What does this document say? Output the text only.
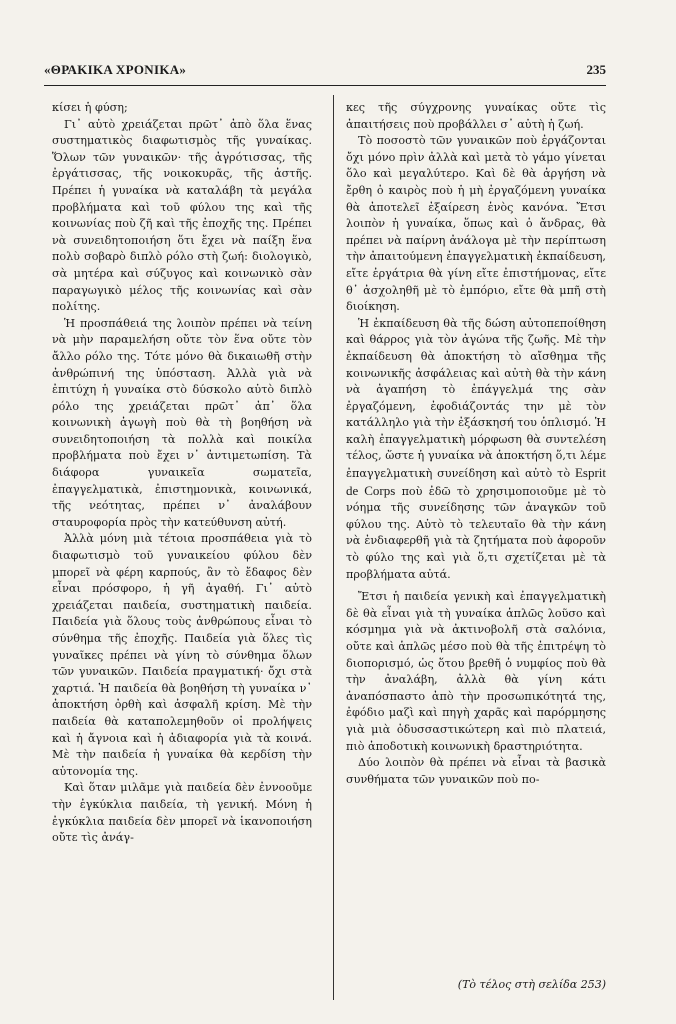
«ΘΡΑΚΙΚΑ ΧΡΟΝΙΚΑ»	235

κίσει ἡ φύση;

Γι᾿ αὐτὸ χρειάζεται πρῶτ᾿ ἀπὸ ὅλα ἕνας συστηματικὸς διαφωτισμὸς τῆς γυναίκας. Ὅλων τῶν γυναικῶν· τῆς ἀγρότισσας, τῆς ἐργάτισσας, τῆς νοικοκυρᾶς, τῆς ἀστῆς. Πρέπει ἡ γυναίκα νὰ καταλάβη τὰ μεγάλα προβλήματα καὶ τοῦ φύλου της καὶ τῆς κοινωνίας ποὺ ζῆ καὶ τῆς ἐποχῆς της. Πρέπει νὰ συνειδητοποιήση ὅτι ἔχει νὰ παίξη ἕνα πολὺ σοβαρὸ διπλὸ ρόλο στὴ ζωή: διολογικὸ, σὰ μητέρα καὶ σύζυγος καὶ κοινωνικὸ σὰν παραγωγικὸ μέλος τῆς κοινωνίας καὶ σὰν πολίτης.

Ἡ προσπάθειά της λοιπὸν πρέπει νὰ τείνη νὰ μὴν παραμελήση οὔτε τὸν ἕνα οὔτε τὸν ἄλλο ρόλο της. Τότε μόνο θὰ δικαιωθῆ στὴν ἀνθρώπινή της ὑπόσταση. Ἀλλὰ γιὰ νὰ ἐπιτύχη ἡ γυναίκα στὸ δύσκολο αὐτὸ διπλὸ ρόλο της χρειάζεται πρῶτ᾿ ἀπ᾿ ὅλα κοινωνικὴ ἀγωγὴ ποὺ θὰ τὴ βοηθήση νὰ συνειδητοποιήση τὰ πολλὰ καὶ ποικίλα προβλήματα ποὺ ἔχει ν᾿ ἀντιμετωπίση. Τὰ διάφορα γυναικεῖα σωματεῖα, ἐπαγγελματικὰ, ἐπιστημονικὰ, κοινωνικά, τῆς νεότητας, πρέπει ν᾿ ἀναλάβουν σταυροφορία πρὸς τὴν κατεύθυνση αὐτή.

Ἀλλὰ μόνη μιὰ τέτοια προσπάθεια γιὰ τὸ διαφωτισμὸ τοῦ γυναικείου φύλου δὲν μπορεῖ νὰ φέρη καρπούς, ἂν τὸ ἔδαφος δὲν εἶναι πρόσφορο, ἡ γῆ ἀγαθή. Γι᾿ αὐτὸ χρειάζεται παιδεία, συστηματικὴ παιδεία. Παιδεία γιὰ ὅλους τοὺς ἀνθρώπους εἶναι τὸ σύνθημα τῆς ἐποχῆς. Παιδεία γιὰ ὅλες τὶς γυναῖκες πρέπει νὰ γίνη τὸ σύνθημα ὅλων τῶν γυναικῶν. Παιδεία πραγματική· ὄχι στὰ χαρτιά. Ἡ παιδεία θὰ βοηθήση τὴ γυναίκα ν᾿ ἀποκτήση ὀρθὴ καὶ ἀσφαλῆ κρίση. Μὲ τὴν παιδεία θὰ καταπολεμηθοῦν οἱ προλήψεις καὶ ἡ ἄγνοια καὶ ἡ ἀδιαφορία γιὰ τὰ κοινά. Μὲ τὴν παιδεία ἡ γυναίκα θὰ κερδίση τὴν αὐτονομία της.

Καὶ ὅταν μιλᾶμε γιὰ παιδεία δὲν ἐννοοῦμε τὴν ἐγκύκλια παιδεία, τὴ γενική. Μόνη ἡ ἐγκύκλια παιδεία δὲν μπορεῖ νὰ ἱκανοποιήση οὔτε τὶς ἀνάγ-

κες τῆς σύγχρονης γυναίκας οὔτε τὶς ἀπαιτήσεις ποὺ προβάλλει σ᾿ αὐτὴ ἡ ζωή.

Τὸ ποσοστὸ τῶν γυναικῶν ποὺ ἐργάζονται ὄχι μόνο πρὶν ἀλλὰ καὶ μετὰ τὸ γάμο γίνεται ὅλο καὶ μεγαλύτερο. Καὶ δὲ θὰ ἀργήση νὰ ἔρθη ὁ καιρὸς ποὺ ἡ μὴ ἐργαζόμενη γυναίκα θὰ ἀποτελεῖ ἐξαίρεση ἑνὸς κανόνα. Ἔτσι λοιπὸν ἡ γυναίκα, ὅπως καὶ ὁ ἄνδρας, θὰ πρέπει νὰ παίρνη ἀνάλογα μὲ τὴν περίπτωση τὴν ἀπαιτούμενη ἐπαγγελματικὴ ἐκπαίδευση, εἴτε ἐργάτρια θὰ γίνη εἴτε ἐπιστήμονας, εἴτε θ᾿ ἀσχοληθῆ μὲ τὸ ἐμπόριο, εἴτε θὰ μπῆ στὴ διοίκηση.

Ἡ ἐκπαίδευση θὰ τῆς δώση αὐτοπεποίθηση καὶ θάρρος γιὰ τὸν ἀγώνα τῆς ζωῆς. Μὲ τὴν ἐκπαίδευση θὰ ἀποκτήση τὸ αἴσθημα τῆς κοινωνικῆς ἀσφάλειας καὶ αὐτὴ θὰ τὴν κάνη νὰ ἀγαπήση τὸ ἐπάγγελμά της σὰν ἐργαζόμενη, ἐφοδιάζοντάς την μὲ τὸν κατάλληλο γιὰ τὴν ἐξάσκησή του ὁπλισμό. Ἡ καλὴ ἐπαγγελματικὴ μόρφωση θὰ συντελέση τέλος, ὥστε ἡ γυναίκα νὰ ἀποκτήση ὅ,τι λέμε ἐπαγγελματικὴ συνείδηση καὶ αὐτὸ τὸ Esprit de Corps ποὺ ἐδῶ τὸ χρησιμοποιοῦμε μὲ τὸ νόημα τῆς συνείδησης τῶν ἀναγκῶν τοῦ φύλου της. Αὐτὸ τὸ τελευταῖο θὰ τὴν κάνη νὰ ἐνδιαφερθῆ γιὰ τὰ ζητήματα ποὺ ἀφοροῦν τὸ φύλο της καὶ γιὰ ὅ,τι σχετίζεται μὲ τὰ προβλήματα αὐτά.

Ἔτσι ἡ παιδεία γενικὴ καὶ ἐπαγγελματικὴ δὲ θὰ εἶναι γιὰ τὴ γυναίκα ἁπλῶς λοῦσο καὶ κόσμημα γιὰ νὰ ἀκτινοβολῆ στὰ σαλόνια, οὔτε καὶ ἁπλῶς μέσο ποὺ θὰ τῆς ἐπιτρέψη τὸ διοπορισμό, ὡς ὅτου βρεθῆ ὁ νυμφίος ποὺ θὰ τὴν ἀναλάβη, ἀλλὰ θὰ γίνη κάτι ἀναπόσπαστο ἀπὸ τὴν προσωπικότητά της, ἐφόδιο μαζὶ καὶ πηγὴ χαρᾶς καὶ παρόρμησης γιὰ μιὰ ὀδυσσαστικώτερη καὶ πιὸ πλατειά, πιὸ ἀποδοτικὴ κοινωνικὴ δραστηριότητα.

Δύο λοιπὸν θὰ πρέπει νὰ εἶναι τὰ βασικὰ συνθήματα τῶν γυναικῶν ποὺ πο-

(Τὸ τέλος στὴ σελίδα 253)
